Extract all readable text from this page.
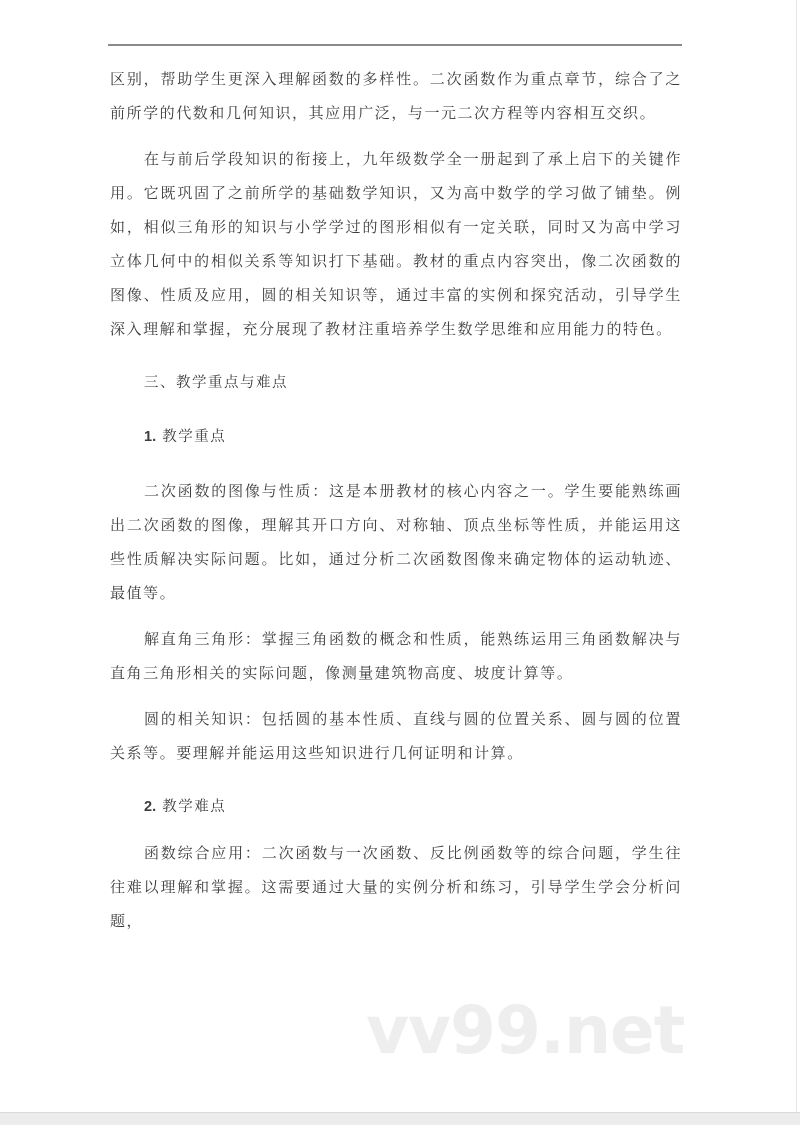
区别，帮助学生更深入理解函数的多样性。二次函数作为重点章节，综合了之前所学的代数和几何知识，其应用广泛，与一元二次方程等内容相互交织。

在与前后学段知识的衔接上，九年级数学全一册起到了承上启下的关键作用。它既巩固了之前所学的基础数学知识，又为高中数学的学习做了铺垫。例如，相似三角形的知识与小学学过的图形相似有一定关联，同时又为高中学习立体几何中的相似关系等知识打下基础。教材的重点内容突出，像二次函数的图像、性质及应用，圆的相关知识等，通过丰富的实例和探究活动，引导学生深入理解和掌握，充分展现了教材注重培养学生数学思维和应用能力的特色。

三、教学重点与难点

1. 教学重点

二次函数的图像与性质：这是本册教材的核心内容之一。学生要能熟练画出二次函数的图像，理解其开口方向、对称轴、顶点坐标等性质，并能运用这些性质解决实际问题。比如，通过分析二次函数图像来确定物体的运动轨迹、最值等。

解直角三角形：掌握三角函数的概念和性质，能熟练运用三角函数解决与直角三角形相关的实际问题，像测量建筑物高度、坡度计算等。

圆的相关知识：包括圆的基本性质、直线与圆的位置关系、圆与圆的位置关系等。要理解并能运用这些知识进行几何证明和计算。

2. 教学难点

函数综合应用：二次函数与一次函数、反比例函数等的综合问题，学生往往难以理解和掌握。这需要通过大量的实例分析和练习，引导学生学会分析问题，

vv99.net
